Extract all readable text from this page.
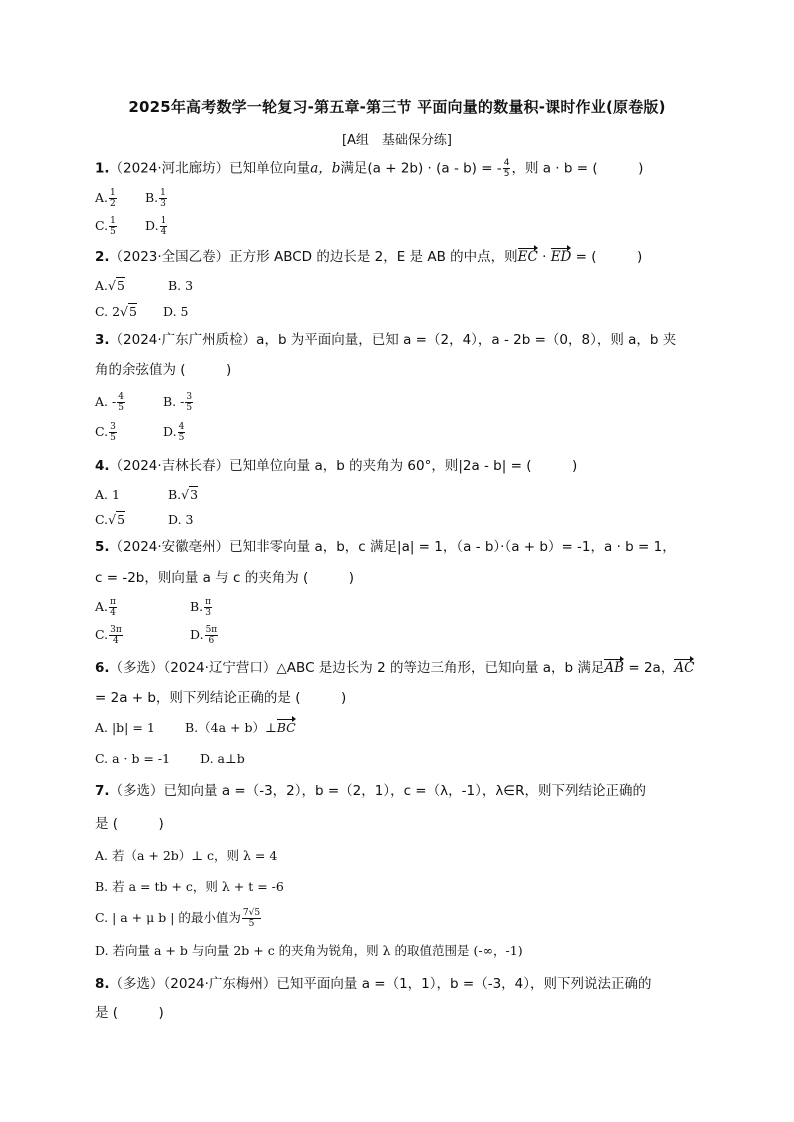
2025年高考数学一轮复习-第五章-第三节 平面向量的数量积-课时作业(原卷版)
[A组　基础保分练]
1.（2024·河北廊坊）已知单位向量a，b满足(a + 2b) · (a - b) = - $\frac{4}{5}$ ，则 a · b = (　　　)
A. $\frac{1}{2} B$. $\frac{1}{3}$
C. $\frac{1}{5} D$. $\frac{1}{4}$
2.（2023·全国乙卷）正方形 ABCD 的边长是 2，E 是 AB 的中点，则EC · ED = (　　　)
A.√5	B. 3
C. 2√5 D. 5
3.（2024·广东广州质检）a，b 为平面向量，已知 a =（2，4），a - 2b =（0，8），则 a，b 夹
角的余弦值为 (　　　)
A. - $\frac{4}{5}$	B. - $\frac{3}{5}$
C. $\frac{3}{5}$	D. $\frac{4}{5}$
4.（2024·吉林长春）已知单位向量 a，b 的夹角为 60°，则|2a - b| = (　　　)
A. 1	B.√3
C.√5	D. 3
5.（2024·安徽亳州）已知非零向量 a，b，c 满足|a| = 1，（a - b）·（a + b）= -1，a · b = 1，
c = -2b，则向量 a 与 c 的夹角为 (　　　)
A. $\frac{\pi}{4}$	B. $\frac{\pi}{3}$
C. $\frac{3\pi}{4}$	D. $\frac{5\pi}{6}$
6.（多选）（2024·辽宁营口）△ABC 是边长为 2 的等边三角形，已知向量 a，b 满足AB = 2a，AC
= 2a + b，则下列结论正确的是 (　　　)
A. |b| = 1 B.（4a + b）⊥BC
C. a · b = -1 D. a⊥b
7.（多选）已知向量 a =（-3，2），b =（2，1），c =（λ，-1），λ∈R，则下列结论正确的
是 (　　　)
A. 若（a + 2b）⊥ c，则 λ = 4
B. 若 a = tb + c，则 λ + t = -6
C. | a + μ b | 的最小值为 $\frac{7√5}{5}$
D. 若向量 a + b 与向量 2b + c 的夹角为锐角，则 λ 的取值范围是 (-∞，-1)
8.（多选）（2024·广东梅州）已知平面向量 a =（1，1），b =（-3，4），则下列说法正确的
是 (　　　)
